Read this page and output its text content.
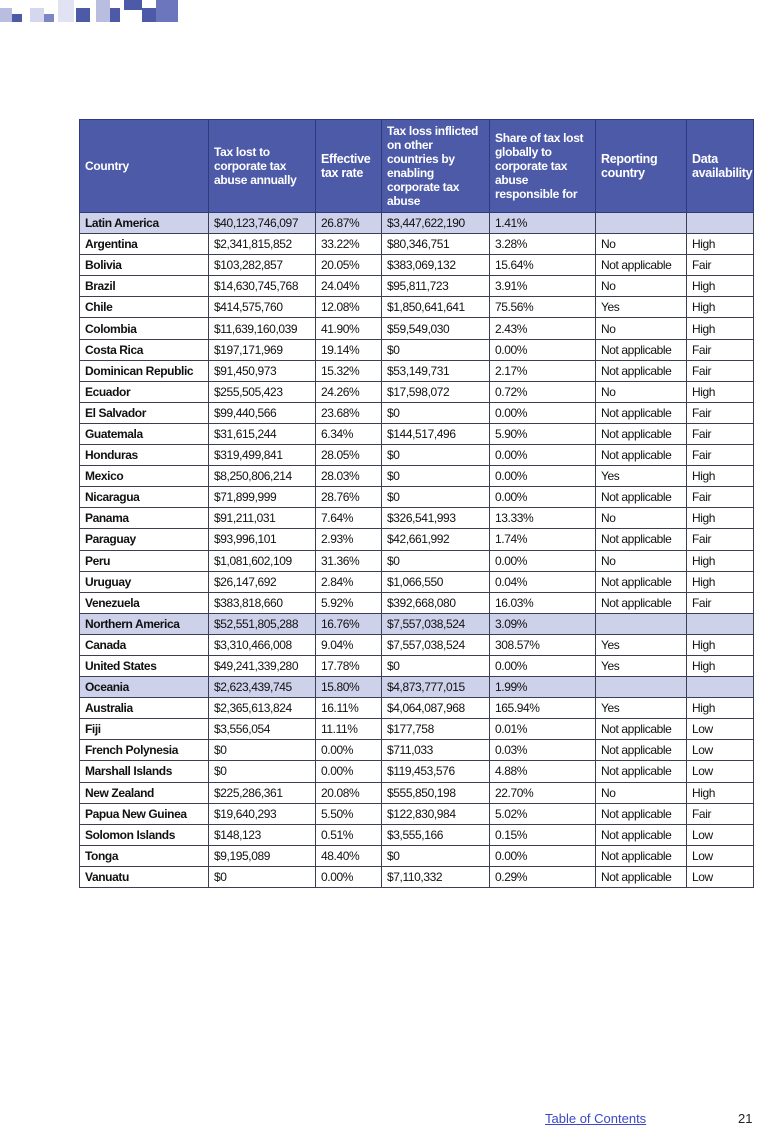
Country	Tax lost to corporate tax abuse annually	Effective tax rate	Tax loss inflicted on other countries by enabling corporate tax abuse	Share of tax lost globally to corporate tax abuse responsible for	Reporting country	Data availability
Latin America	$40,123,746,097	26.87%	$3,447,622,190	1.41%		
Argentina	$2,341,815,852	33.22%	$80,346,751	3.28%	No	High
Bolivia	$103,282,857	20.05%	$383,069,132	15.64%	Not applicable	Fair
Brazil	$14,630,745,768	24.04%	$95,811,723	3.91%	No	High
Chile	$414,575,760	12.08%	$1,850,641,641	75.56%	Yes	High
Colombia	$11,639,160,039	41.90%	$59,549,030	2.43%	No	High
Costa Rica	$197,171,969	19.14%	$0	0.00%	Not applicable	Fair
Dominican Republic	$91,450,973	15.32%	$53,149,731	2.17%	Not applicable	Fair
Ecuador	$255,505,423	24.26%	$17,598,072	0.72%	No	High
El Salvador	$99,440,566	23.68%	$0	0.00%	Not applicable	Fair
Guatemala	$31,615,244	6.34%	$144,517,496	5.90%	Not applicable	Fair
Honduras	$319,499,841	28.05%	$0	0.00%	Not applicable	Fair
Mexico	$8,250,806,214	28.03%	$0	0.00%	Yes	High
Nicaragua	$71,899,999	28.76%	$0	0.00%	Not applicable	Fair
Panama	$91,211,031	7.64%	$326,541,993	13.33%	No	High
Paraguay	$93,996,101	2.93%	$42,661,992	1.74%	Not applicable	Fair
Peru	$1,081,602,109	31.36%	$0	0.00%	No	High
Uruguay	$26,147,692	2.84%	$1,066,550	0.04%	Not applicable	High
Venezuela	$383,818,660	5.92%	$392,668,080	16.03%	Not applicable	Fair
Northern America	$52,551,805,288	16.76%	$7,557,038,524	3.09%		
Canada	$3,310,466,008	9.04%	$7,557,038,524	308.57%	Yes	High
United States	$49,241,339,280	17.78%	$0	0.00%	Yes	High
Oceania	$2,623,439,745	15.80%	$4,873,777,015	1.99%		
Australia	$2,365,613,824	16.11%	$4,064,087,968	165.94%	Yes	High
Fiji	$3,556,054	11.11%	$177,758	0.01%	Not applicable	Low
French Polynesia	$0	0.00%	$711,033	0.03%	Not applicable	Low
Marshall Islands	$0	0.00%	$119,453,576	4.88%	Not applicable	Low
New Zealand	$225,286,361	20.08%	$555,850,198	22.70%	No	High
Papua New Guinea	$19,640,293	5.50%	$122,830,984	5.02%	Not applicable	Fair
Solomon Islands	$148,123	0.51%	$3,555,166	0.15%	Not applicable	Low
Tonga	$9,195,089	48.40%	$0	0.00%	Not applicable	Low
Vanuatu	$0	0.00%	$7,110,332	0.29%	Not applicable	Low
Table of Contents	21
